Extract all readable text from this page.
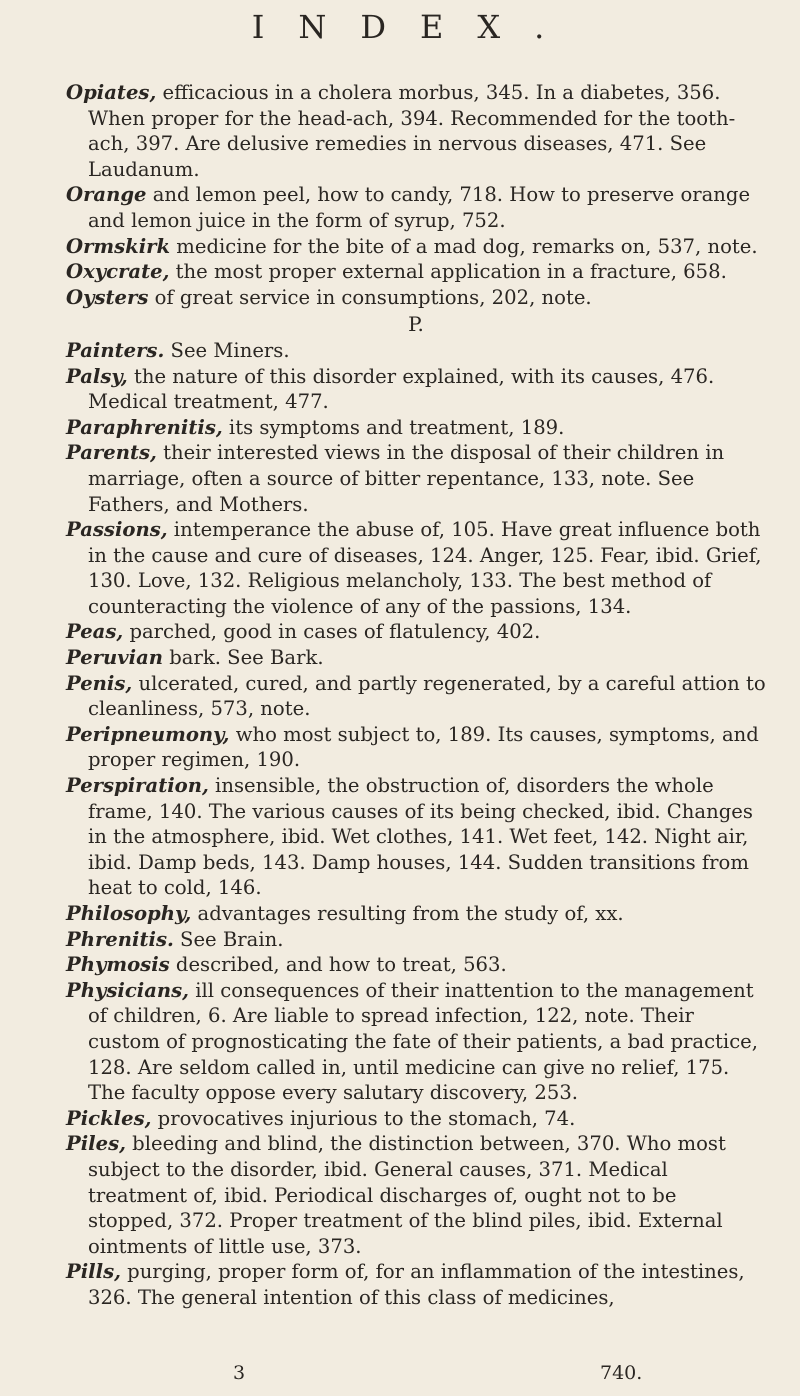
INDEX.

Opiates, efficacious in a cholera morbus, 345. In a diabetes, 356. When proper for the head-ach, 394. Recommended for the tooth-ach, 397. Are delusive remedies in nervous diseases, 471. See Laudanum.

Orange and lemon peel, how to candy, 718. How to preserve orange and lemon juice in the form of syrup, 752.

Ormskirk medicine for the bite of a mad dog, remarks on, 537, note.

Oxycrate, the most proper external application in a fracture, 658.

Oysters of great service in consumptions, 202, note.

P.

Painters. See Miners.

Palsy, the nature of this disorder explained, with its causes, 476. Medical treatment, 477.

Paraphrenitis, its symptoms and treatment, 189.

Parents, their interested views in the disposal of their children in marriage, often a source of bitter repentance, 133, note. See Fathers, and Mothers.

Passions, intemperance the abuse of, 105. Have great influence both in the cause and cure of diseases, 124. Anger, 125. Fear, ibid. Grief, 130. Love, 132. Religious melancholy, 133. The best method of counteracting the violence of any of the passions, 134.

Peas, parched, good in cases of flatulency, 402.

Peruvian bark. See Bark.

Penis, ulcerated, cured, and partly regenerated, by a careful attion to cleanliness, 573, note.

Peripneumony, who most subject to, 189. Its causes, symptoms, and proper regimen, 190.

Perspiration, insensible, the obstruction of, disorders the whole frame, 140. The various causes of its being checked, ibid. Changes in the atmosphere, ibid. Wet clothes, 141. Wet feet, 142. Night air, ibid. Damp beds, 143. Damp houses, 144. Sudden transitions from heat to cold, 146.

Philosophy, advantages resulting from the study of, xx.

Phrenitis. See Brain.

Phymosis described, and how to treat, 563.

Physicians, ill consequences of their inattention to the management of children, 6. Are liable to spread infection, 122, note. Their custom of prognosticating the fate of their patients, a bad practice, 128. Are seldom called in, until medicine can give no relief, 175. The faculty oppose every salutary discovery, 253.

Pickles, provocatives injurious to the stomach, 74.

Piles, bleeding and blind, the distinction between, 370. Who most subject to the disorder, ibid. General causes, 371. Medical treatment of, ibid. Periodical discharges of, ought not to be stopped, 372. Proper treatment of the blind piles, ibid. External ointments of little use, 373.

Pills, purging, proper form of, for an inflammation of the intestines, 326. The general intention of this class of medicines,

3	740.
